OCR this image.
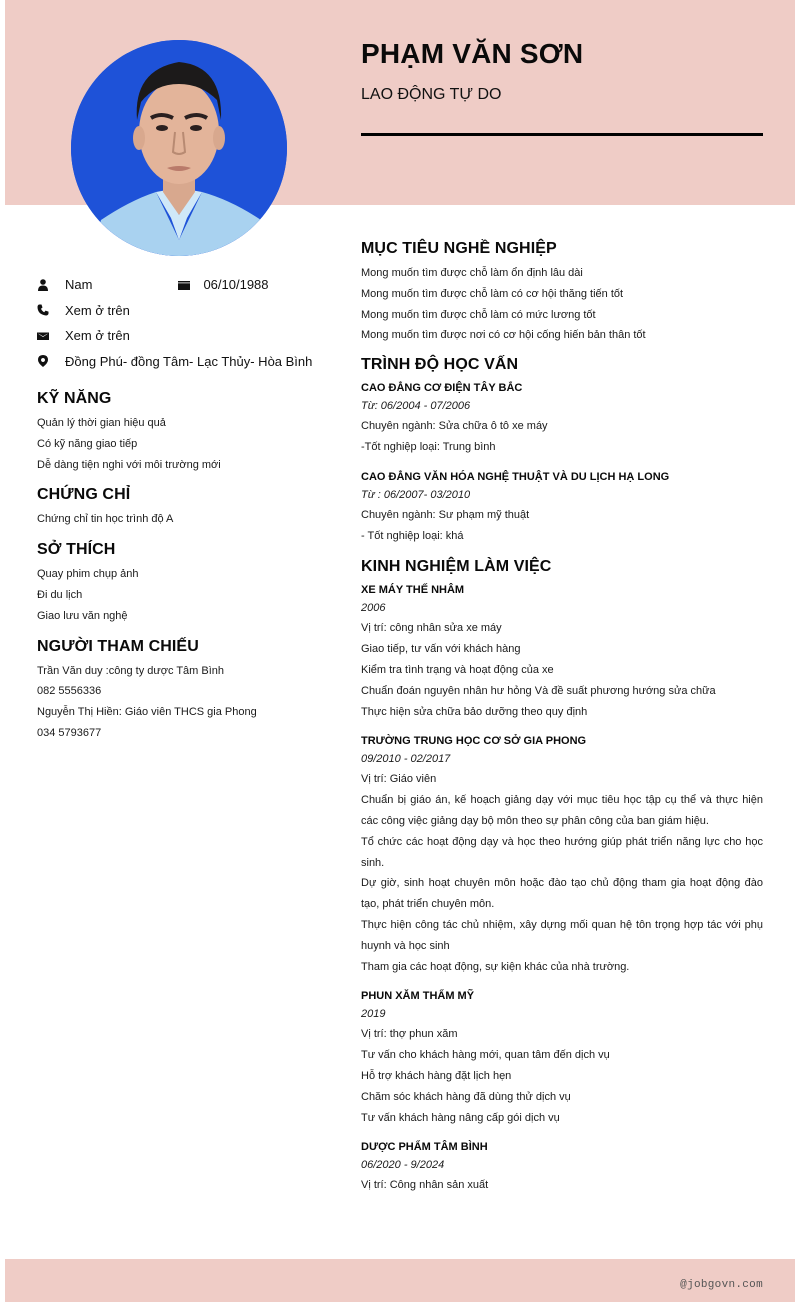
PHẠM VĂN SƠN
LAO ĐỘNG TỰ DO
Nam	06/10/1988
Xem ở trên
Xem ở trên
Đồng Phú- đồng Tâm- Lạc Thủy- Hòa Bình
KỸ NĂNG
Quản lý thời gian hiệu quả
Có kỹ năng giao tiếp
Dễ dàng tiện nghi với môi trường mới
CHỨNG CHỈ
Chứng chỉ tin học trình độ A
SỞ THÍCH
Quay phim chụp ảnh
Đi du lịch
Giao lưu văn nghệ
NGƯỜI THAM CHIẾU
Trần Văn duy :công ty dược Tâm Bình
082 5556336
Nguyễn Thị Hiền: Giáo viên THCS gia Phong
034 5793677
MỤC TIÊU NGHỀ NGHIỆP
Mong muốn tìm được chỗ làm ổn định lâu dài
Mong muốn tìm được chỗ làm có cơ hội thăng tiến tốt
Mong muốn tìm được chỗ làm có mức lương tốt
Mong muốn tìm được nơi có cơ hội cống hiến bản thân tốt
TRÌNH ĐỘ HỌC VẤN
CAO ĐẲNG CƠ ĐIỆN TÂY BẮC
Từ: 06/2004 - 07/2006
Chuyên ngành: Sửa chữa ô tô xe máy
-Tốt nghiệp loại: Trung bình
CAO ĐẲNG VĂN HÓA NGHỆ THUẬT VÀ DU LỊCH HẠ LONG
Từ : 06/2007- 03/2010
Chuyên ngành: Sư phạm mỹ thuật
- Tốt nghiệp loại: khá
KINH NGHIỆM LÀM VIỆC
XE MÁY THẾ NHÂM
2006
Vị trí: công nhân sửa xe máy
Giao tiếp, tư vấn với khách hàng
Kiểm tra tình trạng và hoạt động của xe
Chuẩn đoán nguyên nhân hư hỏng Và đề suất phương hướng sửa chữa
Thực hiện sửa chữa bảo dưỡng theo quy định
TRƯỜNG TRUNG HỌC CƠ SỞ GIA PHONG
09/2010 - 02/2017
Vị trí: Giáo viên
Chuẩn bị giáo án, kế hoạch giảng dạy với mục tiêu học tập cụ thể và thực hiện các công việc giảng dạy bộ môn theo sự phân công của ban giám hiệu.
Tổ chức các hoạt động dạy và học theo hướng giúp phát triển năng lực cho học sinh.
Dự giờ, sinh hoạt chuyên môn hoặc đào tạo chủ động tham gia hoạt động đào tạo, phát triển chuyên môn.
Thực hiện công tác chủ nhiệm, xây dựng mối quan hệ tôn trọng hợp tác với phụ huynh và học sinh
Tham gia các hoạt động, sự kiện khác của nhà trường.
PHUN XĂM THẨM MỸ
2019
Vị trí: thợ phun xăm
Tư vấn cho khách hàng mới, quan tâm đến dịch vụ
Hỗ trợ khách hàng đặt lịch hẹn
Chăm sóc khách hàng đã dùng thử dịch vụ
Tư vấn khách hàng nâng cấp gói dịch vụ
DƯỢC PHẨM TÂM BÌNH
06/2020 - 9/2024
Vị trí: Công nhân sản xuất
@jobgovn.com
